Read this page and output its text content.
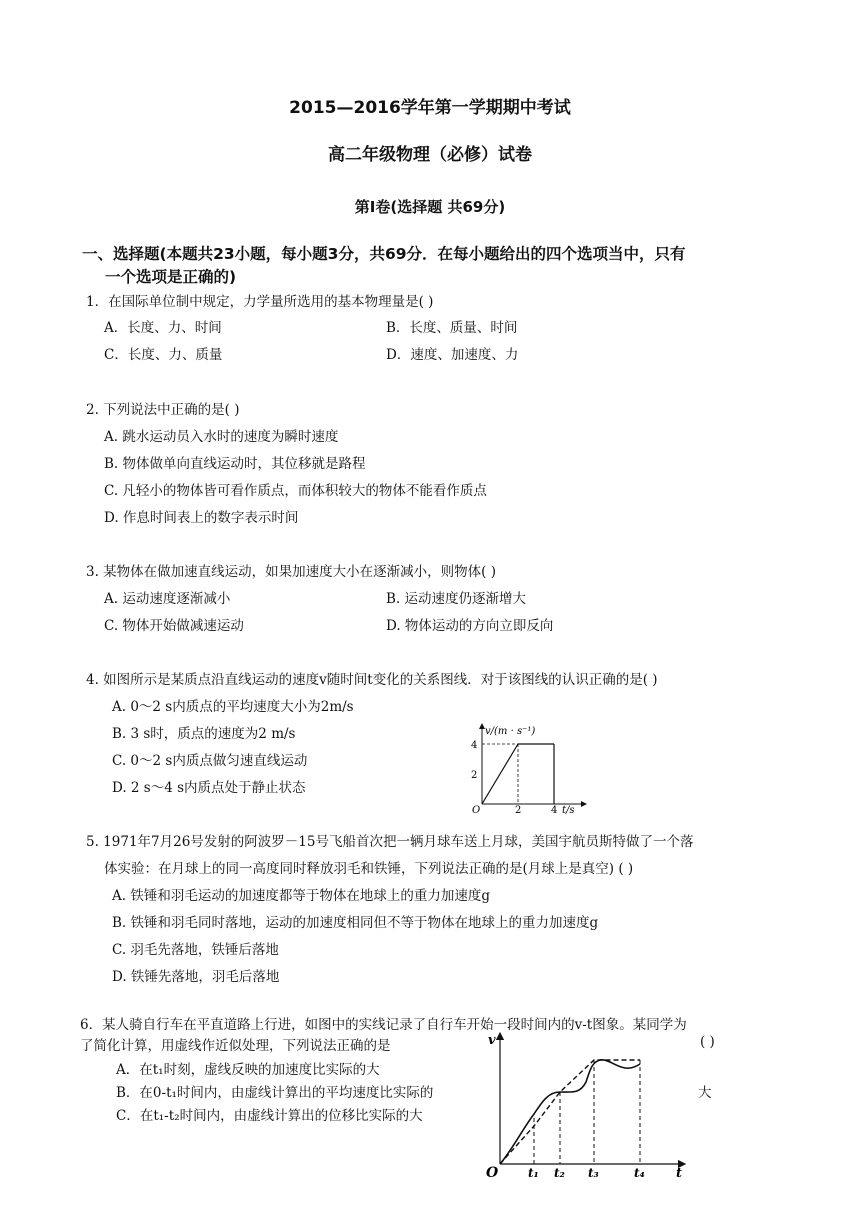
2015—2016学年第一学期期中考试
高二年级物理（必修）试卷
第Ⅰ卷(选择题 共69分)
一、选择题(本题共23小题，每小题3分，共69分．在每小题给出的四个选项当中，只有
一个选项是正确的)
1．在国际单位制中规定，力学量所选用的基本物理量是( )
A．长度、力、时间	B．长度、质量、时间
C．长度、力、质量	D．速度、加速度、力
2. 下列说法中正确的是( )
A. 跳水运动员入水时的速度为瞬时速度
B. 物体做单向直线运动时，其位移就是路程
C. 凡轻小的物体皆可看作质点，而体积较大的物体不能看作质点
D. 作息时间表上的数字表示时间
3. 某物体在做加速直线运动，如果加速度大小在逐渐减小，则物体( )
A. 运动速度逐渐减小	B. 运动速度仍逐渐增大
C. 物体开始做减速运动	D. 物体运动的方向立即反向
4. 如图所示是某质点沿直线运动的速度v随时间t变化的关系图线．对于该图线的认识正确的是( )
A. 0～2 s内质点的平均速度大小为2m/s
B. 3 s时，质点的速度为2 m/s
C. 0～2 s内质点做匀速直线运动
D. 2 s～4 s内质点处于静止状态
v/(m · s⁻¹)
4
2
O	2	4 t/s
5. 1971年7月26号发射的阿波罗－15号飞船首次把一辆月球车送上月球，美国宇航员斯特做了一个落
体实验：在月球上的同一高度同时释放羽毛和铁锤，下列说法正确的是(月球上是真空) ( )
A. 铁锤和羽毛运动的加速度都等于物体在地球上的重力加速度g
B. 铁锤和羽毛同时落地，运动的加速度相同但不等于物体在地球上的重力加速度g
C. 羽毛先落地，铁锤后落地
D. 铁锤先落地，羽毛后落地
6．某人骑自行车在平直道路上行进，如图中的实线记录了自行车开始一段时间内的v-t图象。某同学为
了简化计算，用虚线作近似处理，下列说法正确的是	( )
A．在t₁时刻，虚线反映的加速度比实际的大
B．在0-t₁时间内，由虚线计算出的平均速度比实际的	大
C．在t₁-t₂时间内，由虚线计算出的位移比实际的大
v
O t₁ t₂ t₃	t₄ t
